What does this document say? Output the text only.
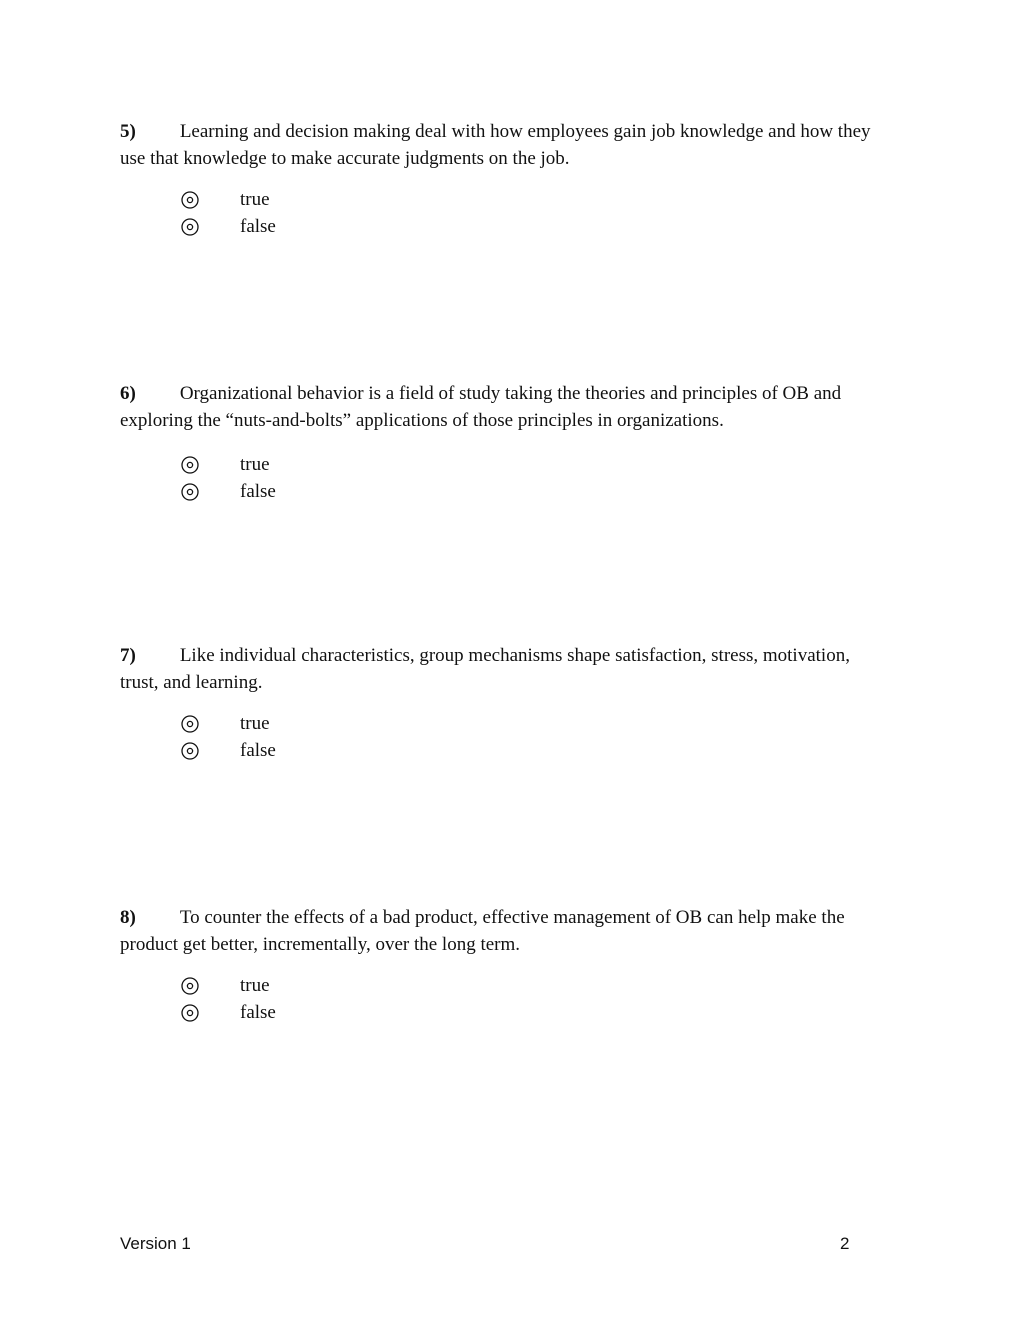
5) Learning and decision making deal with how employees gain job knowledge and how they use that knowledge to make accurate judgments on the job.

true
false

6) Organizational behavior is a field of study taking the theories and principles of OB and exploring the “nuts-and-bolts” applications of those principles in organizations.

true
false

7) Like individual characteristics, group mechanisms shape satisfaction, stress, motivation, trust, and learning.

true
false

8) To counter the effects of a bad product, effective management of OB can help make the product get better, incrementally, over the long term.

true
false
Version 1	2
